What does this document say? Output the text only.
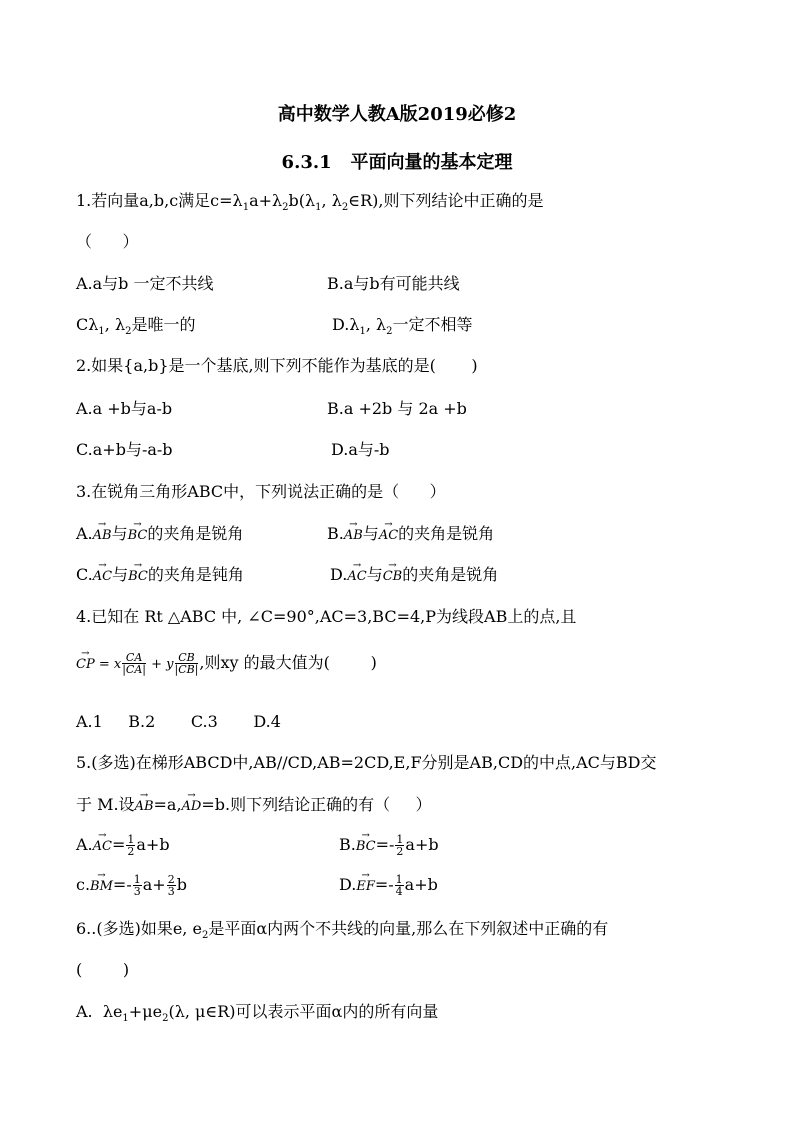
高中数学人教A版2019必修2
6.3.1   平面向量的基本定理
1.若向量a,b,c满足$c=\lambda_1a+\lambda_2b(\lambda_1$, $\lambda_2\in R$),则下列结论中正确的是
（      ）
A.a与b 一定不共线	B.a与b有可能共线
$C\lambda_1$, $\lambda_2$是唯一的	$D.\lambda_1$, $\lambda_2$一定不相等
2.如果{a,b}是一个基底,则下列不能作为基底的是(       )
A.a +b与a-b	B.a +2b 与 2a +b
C.a+b与-a-b	D.a与-b
3.在锐角三角形ABC中，下列说法正确的是（      ）
A.→ AB与→ BC的夹角是锐角	B.→ AB与→ AC的夹角是锐角
C.→ AC与→ BC的夹角是钝角	D.→ AC与→ CB的夹角是锐角
4.已知在 Rt △ABC 中, ∠C=90°,AC=3,BC=4,P为线段AB上的点,且
→ CP = x $\frac{CA}{|CA|} + y \frac{CB}{|CB|}$ ,则xy 的最大值为(        )
A.1     B.2       C.3       D.4
5.(多选)在梯形ABCD中,AB//CD,AB=2CD,E,F分别是AB,CD的中点,AC与BD交
于 M.设→ AB=a,→ AD=b.则下列结论正确的有（     ）
$A.\to AC= \frac{1}{2} a+b$	$B.\to BC=- \frac{1}{2} a+b$
$c.\to BM=- \frac{1}{3} a+ \frac{2}{3}$ b	$D.\to EF=- \frac{1}{4} a+b$
6..(多选)如果e, $e_2$是平面α内两个不共线的向量,那么在下列叙述中正确的有
(        )
A.  $\lambda e_1+\mu e_2(\lambda$, μ∈R)可以表示平面α内的所有向量
